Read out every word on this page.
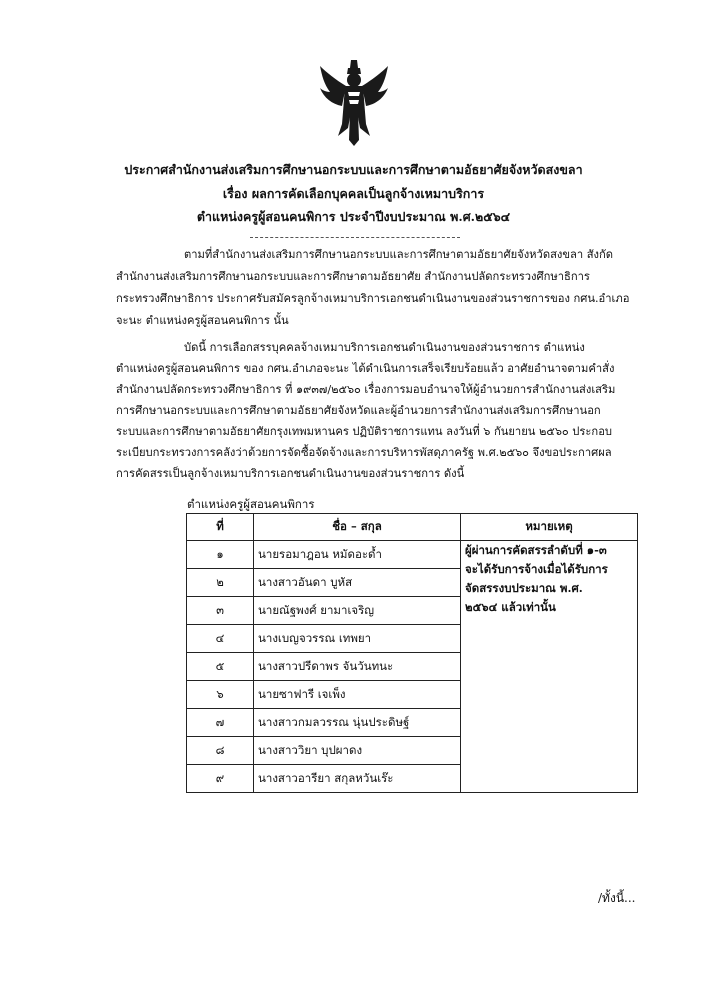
ประกาศสำนักงานส่งเสริมการศึกษานอกระบบและการศึกษาตามอัธยาศัยจังหวัดสงขลา
เรื่อง ผลการคัดเลือกบุคคลเป็นลูกจ้างเหมาบริการ
ตำแหน่งครูผู้สอนคนพิการ ประจำปีงบประมาณ พ.ศ.๒๕๖๔
ตามที่สำนักงานส่งเสริมการศึกษานอกระบบและการศึกษาตามอัธยาศัยจังหวัดสงขลา สังกัด
สำนักงานส่งเสริมการศึกษานอกระบบและการศึกษาตามอัธยาศัย สำนักงานปลัดกระทรวงศึกษาธิการ
กระทรวงศึกษาธิการ ประกาศรับสมัครลูกจ้างเหมาบริการเอกชนดำเนินงานของส่วนราชการของ กศน.อำเภอ
จะนะ ตำแหน่งครูผู้สอนคนพิการ นั้น
บัดนี้ การเลือกสรรบุคคลจ้างเหมาบริการเอกชนดำเนินงานของส่วนราชการ ตำแหน่ง
ตำแหน่งครูผู้สอนคนพิการ ของ กศน.อำเภอจะนะ ได้ดำเนินการเสร็จเรียบร้อยแล้ว อาศัยอำนาจตามคำสั่ง
สำนักงานปลัดกระทรวงศึกษาธิการ ที่ ๑๙๓๗/๒๕๖๐ เรื่องการมอบอำนาจให้ผู้อำนวยการสำนักงานส่งเสริม
การศึกษานอกระบบและการศึกษาตามอัธยาศัยจังหวัดและผู้อำนวยการสำนักงานส่งเสริมการศึกษานอก
ระบบและการศึกษาตามอัธยาศัยกรุงเทพมหานคร ปฏิบัติราชการแทน ลงวันที่ ๖ กันยายน ๒๕๖๐ ประกอบ
ระเบียบกระทรวงการคลังว่าด้วยการจัดซื้อจัดจ้างและการบริหารพัสดุภาครัฐ พ.ศ.๒๕๖๐ จึงขอประกาศผล
ตำแหน่งครูผู้สอนคนพิการ
ที่	ชื่อ – สกุล	หมายเหตุ
๑	นายรอมาฎอน หมัดอะด้ำ	ผู้ผ่านการคัดสรรลำดับที่ ๑-๓
จะได้รับการจ้างเมื่อได้รับการ
จัดสรรงบประมาณ พ.ศ.
๒๕๖๔ แล้วเท่านั้น

๒	นางสาวอันดา บูหัส	
๓	นายณัฐพงศ์ ยามาเจริญ	
๔	นางเบญจวรรณ เทพยา	
๕	นางสาวปรีดาพร จันวันทนะ	
๖	นายซาฟารี เจเพ็ง	
๗	นางสาวกมลวรรณ นุ่นประดิษฐ์	
๘	นางสาววิยา บุปผาดง	
๙	นางสาวอารียา สกุลหวันเร๊ะ	
/ทั้งนี้...
การคัดสรรเป็นลูกจ้างเหมาบริการเอกชนดำเนินงานของส่วนราชการ ดังนี้
